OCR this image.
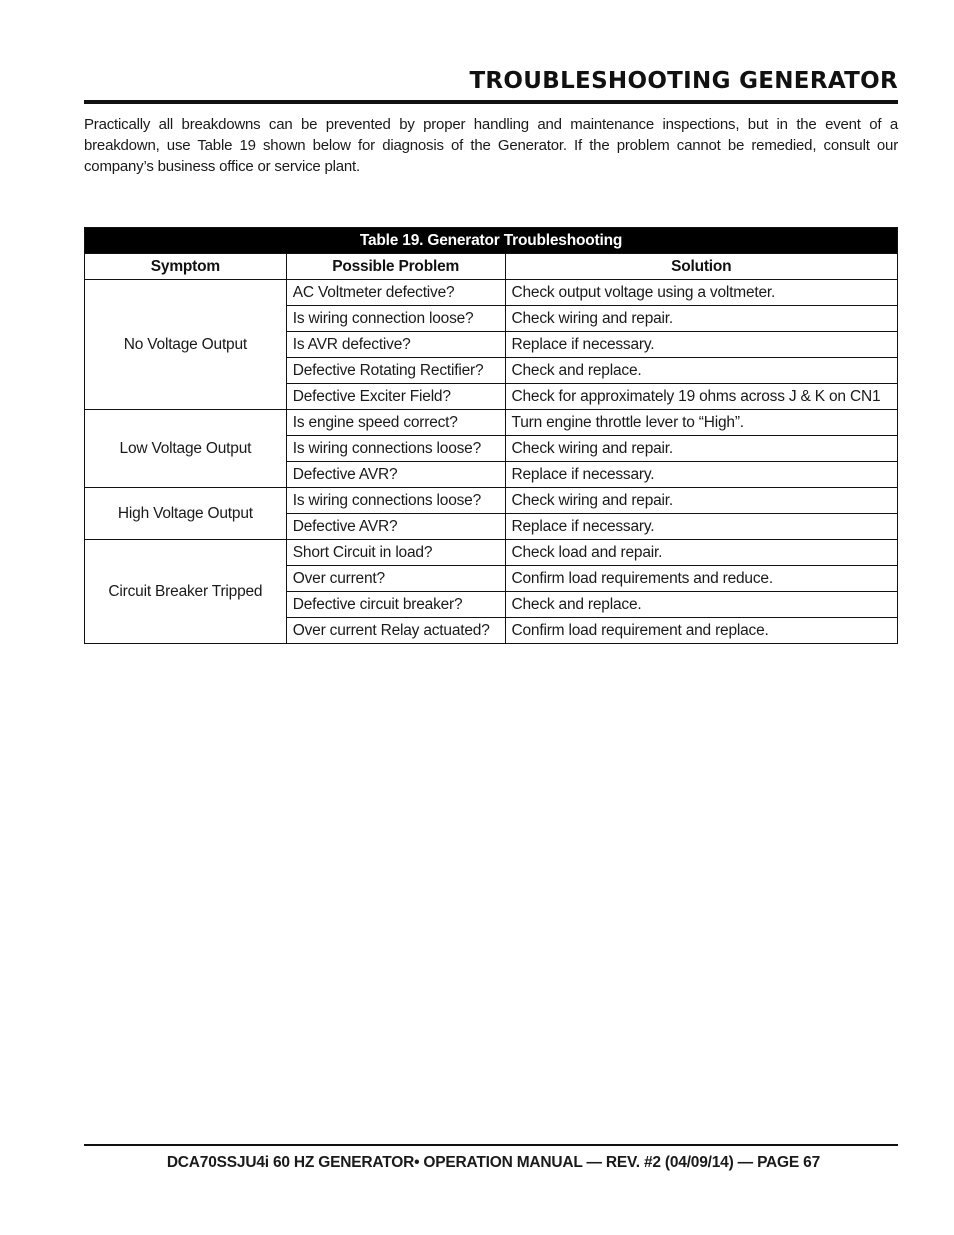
TROUBLESHOOTING GENERATOR

Practically all breakdowns can be prevented by proper handling and maintenance inspections, but in the event of a breakdown, use Table 19 shown below for diagnosis of the Generator. If the problem cannot be remedied, consult our company’s business office or service plant.

Table 19. Generator Troubleshooting		
Symptom	Possible Problem	Solution
No Voltage Output	AC Voltmeter defective?	Check output voltage using a voltmeter.
	Is wiring connection loose?	Check wiring and repair.
	Is AVR defective?	Replace if necessary.
	Defective Rotating Rectifier?	Check and replace.
	Defective Exciter Field?	Check for approximately 19 ohms across J & K on CN1
Low Voltage Output	Is engine speed correct?	Turn engine throttle lever to “High”.
	Is wiring connections loose?	Check wiring and repair.
	Defective AVR?	Replace if necessary.
High Voltage Output	Is wiring connections loose?	Check wiring and repair.
	Defective AVR?	Replace if necessary.
Circuit Breaker Tripped	Short Circuit in load?	Check load and repair.
	Over current?	Confirm load requirements and reduce.
	Defective circuit breaker?	Check and replace.
	Over current Relay actuated?	Confirm load requirement and replace.
DCA70SSJU4i 60 HZ GENERATOR• OPERATION MANUAL — REV. #2 (04/09/14) — PAGE 67
